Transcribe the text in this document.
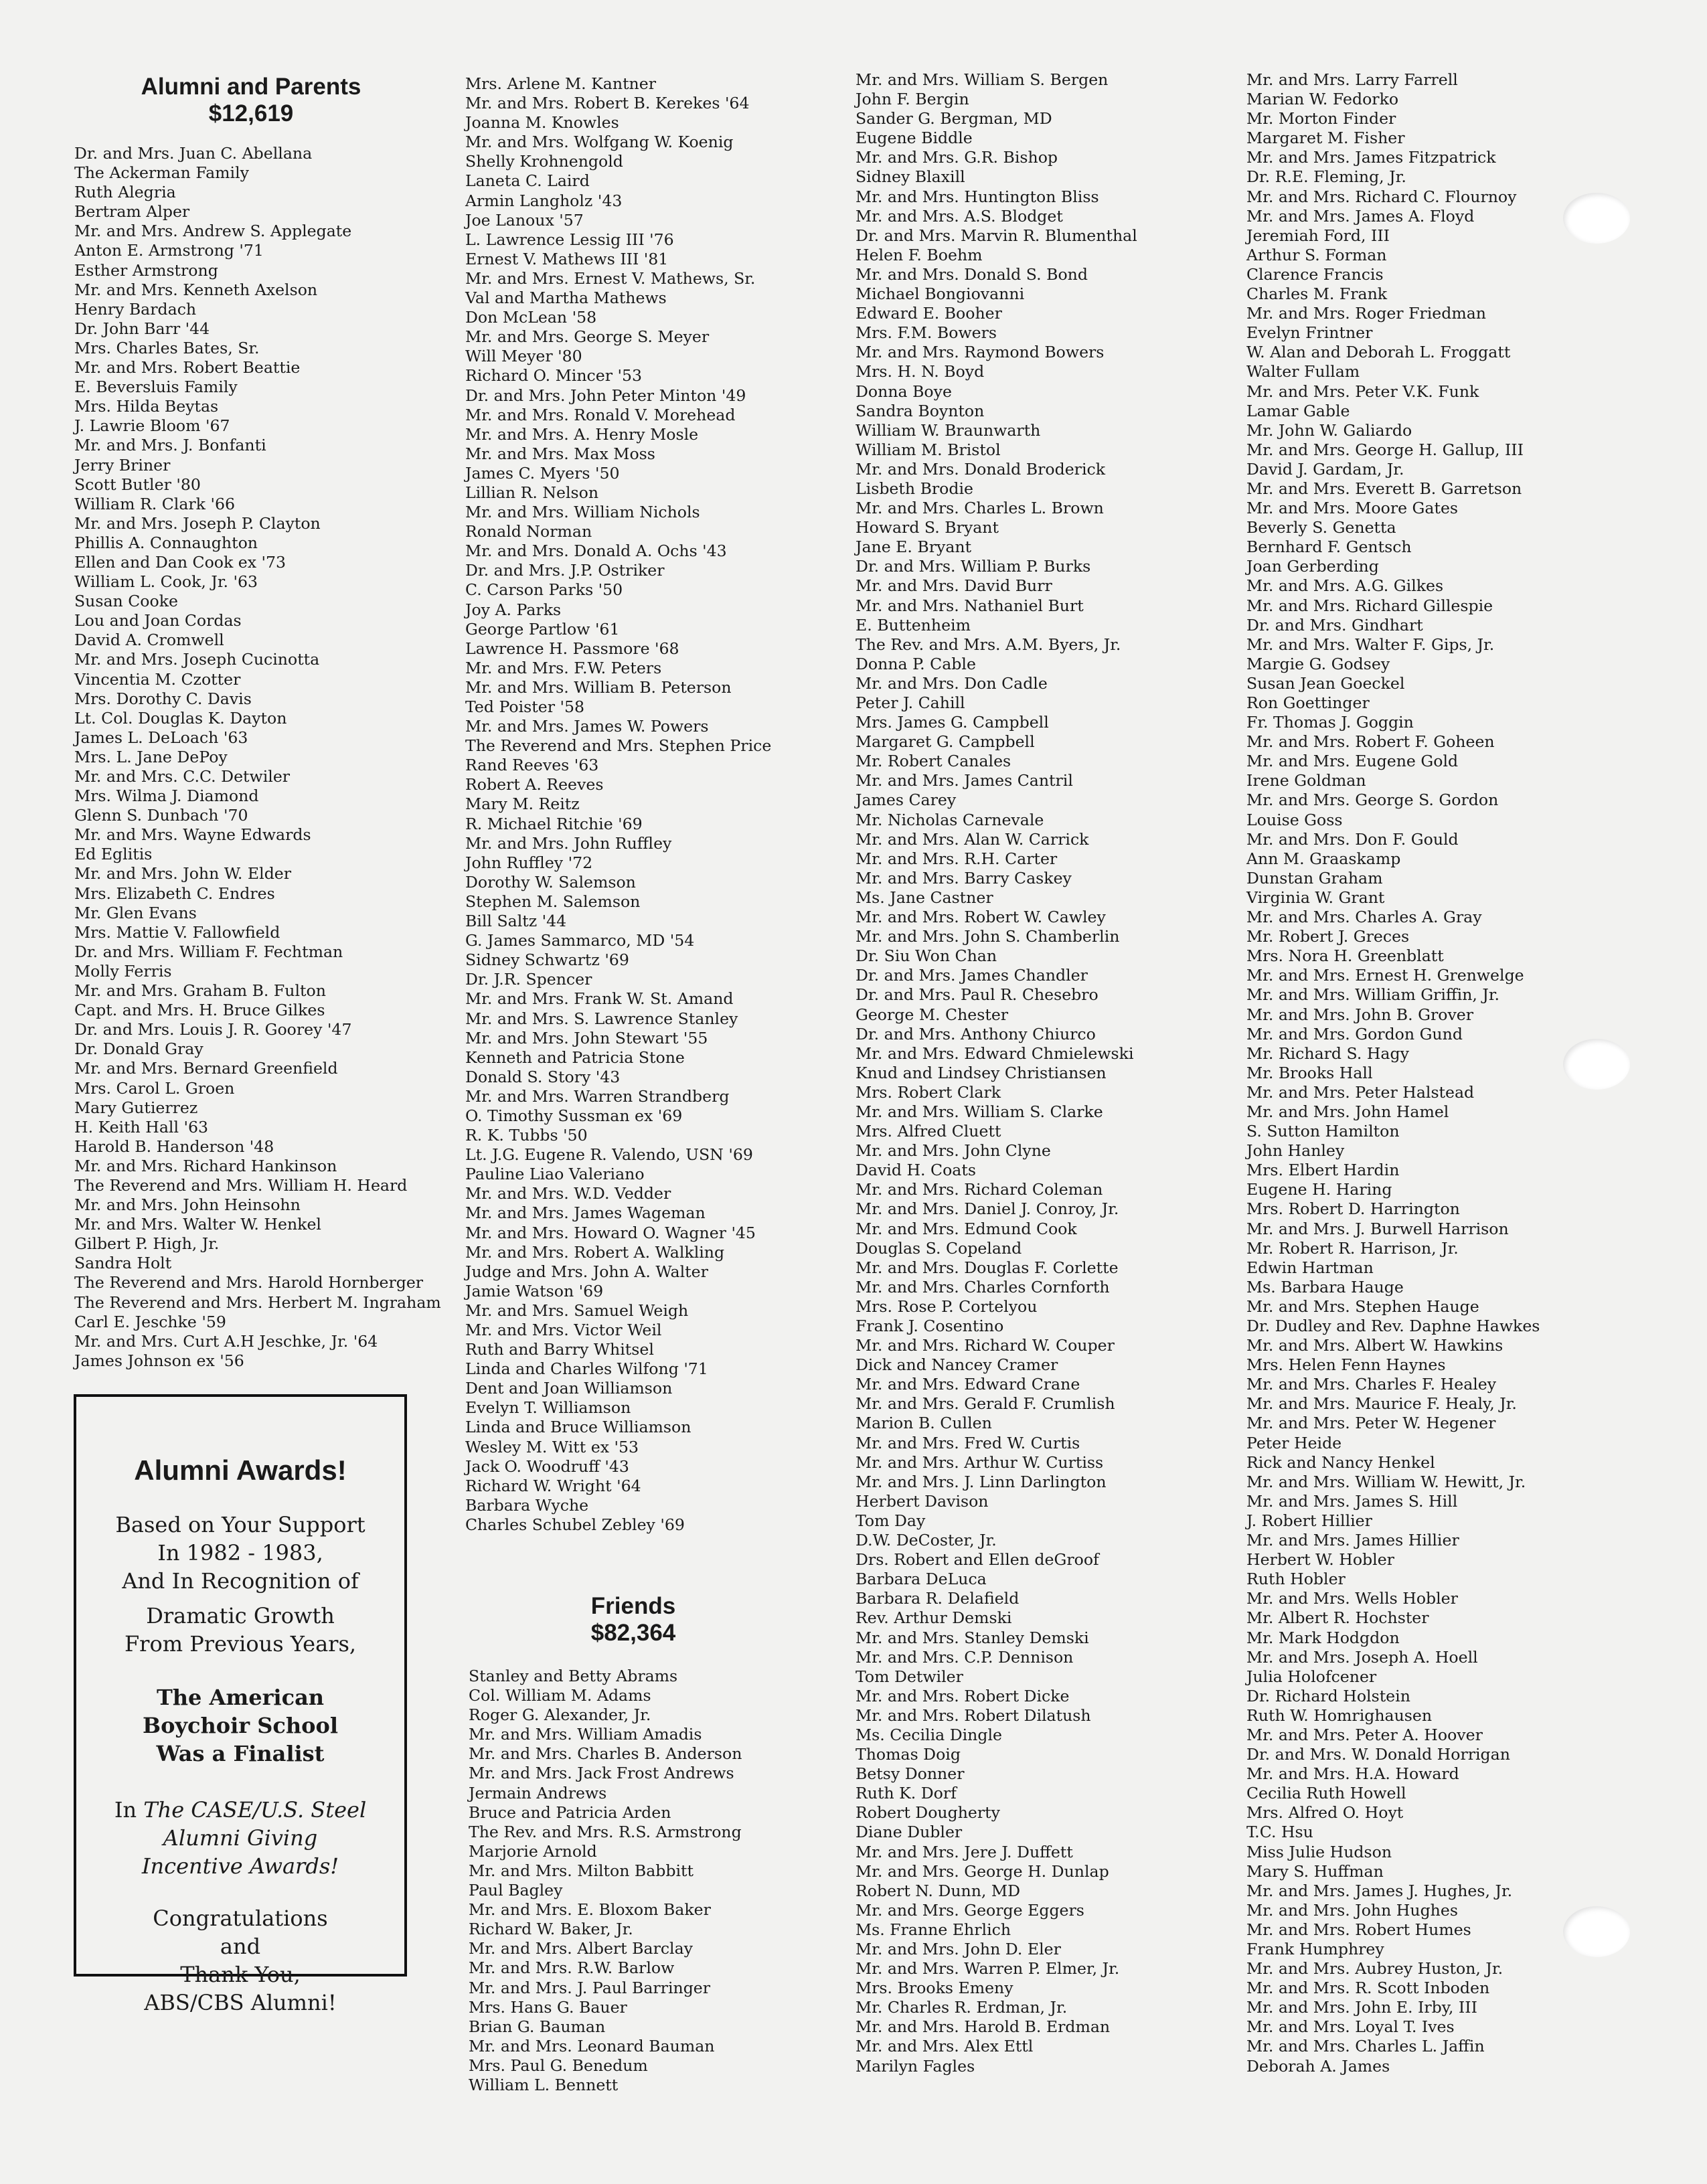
Alumni and Parents
$12,619
Dr. and Mrs. Juan C. Abellana
The Ackerman Family
Ruth Alegria
Bertram Alper
Mr. and Mrs. Andrew S. Applegate
Anton E. Armstrong '71
Esther Armstrong
Mr. and Mrs. Kenneth Axelson
Henry Bardach
Dr. John Barr '44
Mrs. Charles Bates, Sr.
Mr. and Mrs. Robert Beattie
E. Beversluis Family
Mrs. Hilda Beytas
J. Lawrie Bloom '67
Mr. and Mrs. J. Bonfanti
Jerry Briner
Scott Butler '80
William R. Clark '66
Mr. and Mrs. Joseph P. Clayton
Phillis A. Connaughton
Ellen and Dan Cook ex '73
William L. Cook, Jr. '63
Susan Cooke
Lou and Joan Cordas
David A. Cromwell
Mr. and Mrs. Joseph Cucinotta
Vincentia M. Czotter
Mrs. Dorothy C. Davis
Lt. Col. Douglas K. Dayton
James L. DeLoach '63
Mrs. L. Jane DePoy
Mr. and Mrs. C.C. Detwiler
Mrs. Wilma J. Diamond
Glenn S. Dunbach '70
Mr. and Mrs. Wayne Edwards
Ed Eglitis
Mr. and Mrs. John W. Elder
Mrs. Elizabeth C. Endres
Mr. Glen Evans
Mrs. Mattie V. Fallowfield
Dr. and Mrs. William F. Fechtman
Molly Ferris
Mr. and Mrs. Graham B. Fulton
Capt. and Mrs. H. Bruce Gilkes
Dr. and Mrs. Louis J. R. Goorey '47
Dr. Donald Gray
Mr. and Mrs. Bernard Greenfield
Mrs. Carol L. Groen
Mary Gutierrez
H. Keith Hall '63
Harold B. Handerson '48
Mr. and Mrs. Richard Hankinson
The Reverend and Mrs. William H. Heard
Mr. and Mrs. John Heinsohn
Mr. and Mrs. Walter W. Henkel
Gilbert P. High, Jr.
Sandra Holt
The Reverend and Mrs. Harold Hornberger
The Reverend and Mrs. Herbert M. Ingraham
Carl E. Jeschke '59
Mr. and Mrs. Curt A.H Jeschke, Jr. '64
James Johnson ex '56
Alumni Awards!

Based on Your Support

In 1982 - 1983,

And In Recognition of

Dramatic Growth

From Previous Years,

The American

Boychoir School

Was a Finalist

In The CASE/U.S. Steel

Alumni Giving

Incentive Awards!

Congratulations

and

Thank You,

ABS/CBS Alumni!

Mrs. Arlene M. Kantner
Mr. and Mrs. Robert B. Kerekes '64
Joanna M. Knowles
Mr. and Mrs. Wolfgang W. Koenig
Shelly Krohnengold
Laneta C. Laird
Armin Langholz '43
Joe Lanoux '57
L. Lawrence Lessig III '76
Ernest V. Mathews III '81
Mr. and Mrs. Ernest V. Mathews, Sr.
Val and Martha Mathews
Don McLean '58
Mr. and Mrs. George S. Meyer
Will Meyer '80
Richard O. Mincer '53
Dr. and Mrs. John Peter Minton '49
Mr. and Mrs. Ronald V. Morehead
Mr. and Mrs. A. Henry Mosle
Mr. and Mrs. Max Moss
James C. Myers '50
Lillian R. Nelson
Mr. and Mrs. William Nichols
Ronald Norman
Mr. and Mrs. Donald A. Ochs '43
Dr. and Mrs. J.P. Ostriker
C. Carson Parks '50
Joy A. Parks
George Partlow '61
Lawrence H. Passmore '68
Mr. and Mrs. F.W. Peters
Mr. and Mrs. William B. Peterson
Ted Poister '58
Mr. and Mrs. James W. Powers
The Reverend and Mrs. Stephen Price
Rand Reeves '63
Robert A. Reeves
Mary M. Reitz
R. Michael Ritchie '69
Mr. and Mrs. John Ruffley
John Ruffley '72
Dorothy W. Salemson
Stephen M. Salemson
Bill Saltz '44
G. James Sammarco, MD '54
Sidney Schwartz '69
Dr. J.R. Spencer
Mr. and Mrs. Frank W. St. Amand
Mr. and Mrs. S. Lawrence Stanley
Mr. and Mrs. John Stewart '55
Kenneth and Patricia Stone
Donald S. Story '43
Mr. and Mrs. Warren Strandberg
O. Timothy Sussman ex '69
R. K. Tubbs '50
Lt. J.G. Eugene R. Valendo, USN '69
Pauline Liao Valeriano
Mr. and Mrs. W.D. Vedder
Mr. and Mrs. James Wageman
Mr. and Mrs. Howard O. Wagner '45
Mr. and Mrs. Robert A. Walkling
Judge and Mrs. John A. Walter
Jamie Watson '69
Mr. and Mrs. Samuel Weigh
Mr. and Mrs. Victor Weil
Ruth and Barry Whitsel
Linda and Charles Wilfong '71
Dent and Joan Williamson
Evelyn T. Williamson
Linda and Bruce Williamson
Wesley M. Witt ex '53
Jack O. Woodruff '43
Richard W. Wright '64
Barbara Wyche
Charles Schubel Zebley '69
Friends
$82,364
Stanley and Betty Abrams
Col. William M. Adams
Roger G. Alexander, Jr.
Mr. and Mrs. William Amadis
Mr. and Mrs. Charles B. Anderson
Mr. and Mrs. Jack Frost Andrews
Jermain Andrews
Bruce and Patricia Arden
The Rev. and Mrs. R.S. Armstrong
Marjorie Arnold
Mr. and Mrs. Milton Babbitt
Paul Bagley
Mr. and Mrs. E. Bloxom Baker
Richard W. Baker, Jr.
Mr. and Mrs. Albert Barclay
Mr. and Mrs. R.W. Barlow
Mr. and Mrs. J. Paul Barringer
Mrs. Hans G. Bauer
Brian G. Bauman
Mr. and Mrs. Leonard Bauman
Mrs. Paul G. Benedum
William L. Bennett
Mr. and Mrs. William S. Bergen
John F. Bergin
Sander G. Bergman, MD
Eugene Biddle
Mr. and Mrs. G.R. Bishop
Sidney Blaxill
Mr. and Mrs. Huntington Bliss
Mr. and Mrs. A.S. Blodget
Dr. and Mrs. Marvin R. Blumenthal
Helen F. Boehm
Mr. and Mrs. Donald S. Bond
Michael Bongiovanni
Edward E. Booher
Mrs. F.M. Bowers
Mr. and Mrs. Raymond Bowers
Mrs. H. N. Boyd
Donna Boye
Sandra Boynton
William W. Braunwarth
William M. Bristol
Mr. and Mrs. Donald Broderick
Lisbeth Brodie
Mr. and Mrs. Charles L. Brown
Howard S. Bryant
Jane E. Bryant
Dr. and Mrs. William P. Burks
Mr. and Mrs. David Burr
Mr. and Mrs. Nathaniel Burt
E. Buttenheim
The Rev. and Mrs. A.M. Byers, Jr.
Donna P. Cable
Mr. and Mrs. Don Cadle
Peter J. Cahill
Mrs. James G. Campbell
Margaret G. Campbell
Mr. Robert Canales
Mr. and Mrs. James Cantril
James Carey
Mr. Nicholas Carnevale
Mr. and Mrs. Alan W. Carrick
Mr. and Mrs. R.H. Carter
Mr. and Mrs. Barry Caskey
Ms. Jane Castner
Mr. and Mrs. Robert W. Cawley
Mr. and Mrs. John S. Chamberlin
Dr. Siu Won Chan
Dr. and Mrs. James Chandler
Dr. and Mrs. Paul R. Chesebro
George M. Chester
Dr. and Mrs. Anthony Chiurco
Mr. and Mrs. Edward Chmielewski
Knud and Lindsey Christiansen
Mrs. Robert Clark
Mr. and Mrs. William S. Clarke
Mrs. Alfred Cluett
Mr. and Mrs. John Clyne
David H. Coats
Mr. and Mrs. Richard Coleman
Mr. and Mrs. Daniel J. Conroy, Jr.
Mr. and Mrs. Edmund Cook
Douglas S. Copeland
Mr. and Mrs. Douglas F. Corlette
Mr. and Mrs. Charles Cornforth
Mrs. Rose P. Cortelyou
Frank J. Cosentino
Mr. and Mrs. Richard W. Couper
Dick and Nancey Cramer
Mr. and Mrs. Edward Crane
Mr. and Mrs. Gerald F. Crumlish
Marion B. Cullen
Mr. and Mrs. Fred W. Curtis
Mr. and Mrs. Arthur W. Curtiss
Mr. and Mrs. J. Linn Darlington
Herbert Davison
Tom Day
D.W. DeCoster, Jr.
Drs. Robert and Ellen deGroof
Barbara DeLuca
Barbara R. Delafield
Rev. Arthur Demski
Mr. and Mrs. Stanley Demski
Mr. and Mrs. C.P. Dennison
Tom Detwiler
Mr. and Mrs. Robert Dicke
Mr. and Mrs. Robert Dilatush
Ms. Cecilia Dingle
Thomas Doig
Betsy Donner
Ruth K. Dorf
Robert Dougherty
Diane Dubler
Mr. and Mrs. Jere J. Duffett
Mr. and Mrs. George H. Dunlap
Robert N. Dunn, MD
Mr. and Mrs. George Eggers
Ms. Franne Ehrlich
Mr. and Mrs. John D. Eler
Mr. and Mrs. Warren P. Elmer, Jr.
Mrs. Brooks Emeny
Mr. Charles R. Erdman, Jr.
Mr. and Mrs. Harold B. Erdman
Mr. and Mrs. Alex Ettl
Marilyn Fagles
Mr. and Mrs. Larry Farrell
Marian W. Fedorko
Mr. Morton Finder
Margaret M. Fisher
Mr. and Mrs. James Fitzpatrick
Dr. R.E. Fleming, Jr.
Mr. and Mrs. Richard C. Flournoy
Mr. and Mrs. James A. Floyd
Jeremiah Ford, III
Arthur S. Forman
Clarence Francis
Charles M. Frank
Mr. and Mrs. Roger Friedman
Evelyn Frintner
W. Alan and Deborah L. Froggatt
Walter Fullam
Mr. and Mrs. Peter V.K. Funk
Lamar Gable
Mr. John W. Galiardo
Mr. and Mrs. George H. Gallup, III
David J. Gardam, Jr.
Mr. and Mrs. Everett B. Garretson
Mr. and Mrs. Moore Gates
Beverly S. Genetta
Bernhard F. Gentsch
Joan Gerberding
Mr. and Mrs. A.G. Gilkes
Mr. and Mrs. Richard Gillespie
Dr. and Mrs. Gindhart
Mr. and Mrs. Walter F. Gips, Jr.
Margie G. Godsey
Susan Jean Goeckel
Ron Goettinger
Fr. Thomas J. Goggin
Mr. and Mrs. Robert F. Goheen
Mr. and Mrs. Eugene Gold
Irene Goldman
Mr. and Mrs. George S. Gordon
Louise Goss
Mr. and Mrs. Don F. Gould
Ann M. Graaskamp
Dunstan Graham
Virginia W. Grant
Mr. and Mrs. Charles A. Gray
Mr. Robert J. Greces
Mrs. Nora H. Greenblatt
Mr. and Mrs. Ernest H. Grenwelge
Mr. and Mrs. William Griffin, Jr.
Mr. and Mrs. John B. Grover
Mr. and Mrs. Gordon Gund
Mr. Richard S. Hagy
Mr. Brooks Hall
Mr. and Mrs. Peter Halstead
Mr. and Mrs. John Hamel
S. Sutton Hamilton
John Hanley
Mrs. Elbert Hardin
Eugene H. Haring
Mrs. Robert D. Harrington
Mr. and Mrs. J. Burwell Harrison
Mr. Robert R. Harrison, Jr.
Edwin Hartman
Ms. Barbara Hauge
Mr. and Mrs. Stephen Hauge
Dr. Dudley and Rev. Daphne Hawkes
Mr. and Mrs. Albert W. Hawkins
Mrs. Helen Fenn Haynes
Mr. and Mrs. Charles F. Healey
Mr. and Mrs. Maurice F. Healy, Jr.
Mr. and Mrs. Peter W. Hegener
Peter Heide
Rick and Nancy Henkel
Mr. and Mrs. William W. Hewitt, Jr.
Mr. and Mrs. James S. Hill
J. Robert Hillier
Mr. and Mrs. James Hillier
Herbert W. Hobler
Ruth Hobler
Mr. and Mrs. Wells Hobler
Mr. Albert R. Hochster
Mr. Mark Hodgdon
Mr. and Mrs. Joseph A. Hoell
Julia Holofcener
Dr. Richard Holstein
Ruth W. Homrighausen
Mr. and Mrs. Peter A. Hoover
Dr. and Mrs. W. Donald Horrigan
Mr. and Mrs. H.A. Howard
Cecilia Ruth Howell
Mrs. Alfred O. Hoyt
T.C. Hsu
Miss Julie Hudson
Mary S. Huffman
Mr. and Mrs. James J. Hughes, Jr.
Mr. and Mrs. John Hughes
Mr. and Mrs. Robert Humes
Frank Humphrey
Mr. and Mrs. Aubrey Huston, Jr.
Mr. and Mrs. R. Scott Inboden
Mr. and Mrs. John E. Irby, III
Mr. and Mrs. Loyal T. Ives
Mr. and Mrs. Charles L. Jaffin
Deborah A. James
